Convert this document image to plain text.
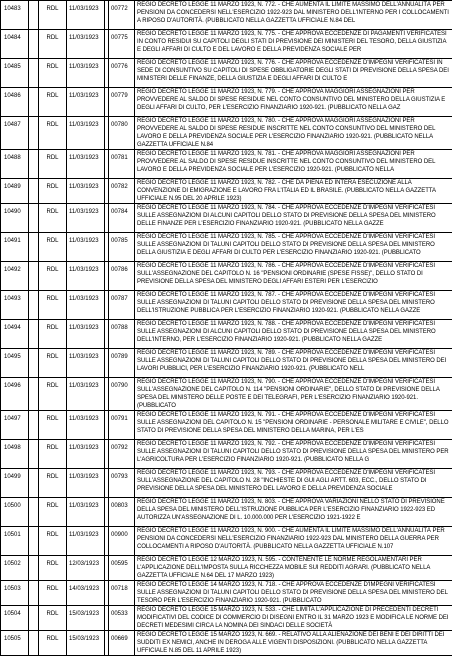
10483		RDL	11/03/1923		00772	REGIO DECRETO LEGGE 11 MARZO 1923, N. 772. - CHE AUMENTA IL LIMITE MASSIMO DELL'ANNUALITÀ PER PENSIONI DA CONCEDERSI NELL'ESERCIZIO 1922-923 DAL MINISTERO DELL'INTERNO PER I COLLOCAMENTI A RIPOSO D'AUTORITÀ. (PUBBLICATO NELLA GAZZETTA UFFICIALE N.84 DEL
10484		RDL	11/03/1923		00775	REGIO DECRETO LEGGE 11 MARZO 1923, N. 775. - CHE APPROVA ECCEDENZE DI PAGAMENTI VERIFICATESI IN CONTO RESIDUI SU CAPITOLI DEGLI STATI DI PREVISIONE DEI MINISTERI DEL TESORO, DELLA GIUSTIZIA E DEGLI AFFARI DI CULTO E DEL LAVORO E DELLA PREVIDENZA SOCIALE PER
10485		RDL	11/03/1923		00776	REGIO DECRETO LEGGE 11 MARZO 1923, N. 776. - CHE APPROVA ECCEDENZE D'IMPEGNI VERIFICATESI IN SEDE DI CONSUNTIVO SU CAPITOLI DI SPESE OBBLIGATORIE DEGLI STATI DI PREVISIONE DELLA SPESA DEI MINISTERI DELLE FINANZE, DELLA GIUSTIZIA E DEGLI AFFARI DI CULTO E
10486		RDL	11/03/1923		00779	REGIO DECRETO LEGGE 11 MARZO 1923, N. 779. - CHE APPROVA MAGGIORI ASSEGNAZIONI PER PROVVEDERE AL SALDO DI SPESE RESIDUE NEL CONTO CONSUNTIVO DEL MINISTERO DELLA GIUSTIZIA E DEGLI AFFARI DI CULTO, PER L'ESERCIZIO FINANZIARIO 1920-921. (PUBBLICATO NELLA GAZ
10487		RDL	11/03/1923		00780	REGIO DECRETO LEGGE 11 MARZO 1923, N. 780. - CHE APPROVA MAGGIORI ASSEGNAZIONI PER PROVVEDERE AL SALDO DI SPESE RESIDUE INSCRITTE NEL CONTO CONSUNTIVO DEL MINISTERO DEL LAVORO E DELLA PREVIDENZA SOCIALE PER L'ESERCIZIO FINANZIARIO 1920-921. (PUBBLICATO NELLA GAZZETTA UFFICIALE N.84
10488		RDL	11/03/1923		00781	REGIO DECRETO LEGGE 11 MARZO 1923, N. 781. - CHE APPROVA MAGGIORI ASSEGNAZIONI PER PROVVEDERE AL SALDO DI SPESE RESIDUE INSCRITTE NEL CONTO CONSUNTIVO DEL MINISTERO DEL LAVORO E DELLA PREVIDENZA SOCIALE PER L'ESERCIZIO 1920-921. (PUBBLICATO NELLA
10489		RDL	11/03/1923		00782	REGIO DECRETO LEGGE 11 MARZO 1923, N. 782. - CHE DÀ PIENA ED INTERA ESECUZIONE ALLA CONVENZIONE DI EMIGRAZIONE E LAVORO FRA L'ITALIA ED IL BRASILE. (PUBBLICATO NELLA GAZZETTA UFFICIALE N.95 DEL 20 APRILE 1923)
10490		RDL	11/03/1923		00784	REGIO DECRETO LEGGE 11 MARZO 1923, N. 784. - CHE APPROVA ECCEDENZE D'IMPEGNI VERIFICATESI SULLE ASSEGNAZIONI DI ALCUNI CAPITOLI DELLO STATO DI PREVISIONE DELLA SPESA DEL MINISTERO DELLE FINANZE PER L'ESERCIZIO FINANZIARIO 1920-921. (PUBBLICATO NELLA GAZZE
10491		RDL	11/03/1923		00785	REGIO DECRETO LEGGE 11 MARZO 1923, N. 785. - CHE APPROVA ECCEDENZE D'IMPEGNI VERIFICATESI SULLE ASSEGNAZIONI DI TALUNI CAPITOLI DELLO STATO DI PREVISIONE DELLA SPESA DEL MINISTERO DELLA GIUSTIZIA E DEGLI AFFARI DI CULTO PER L'ESERCIZIO FINANZIARIO 1920-921. (PUBBLICATO
10492		RDL	11/03/1923		00786	REGIO DECRETO LEGGE 11 MARZO 1923, N. 786. - CHE APPROVA ECCEDENZE D'IMPEGNI VERIFICATESI SULL'ASSEGNAZIONE DEL CAPITOLO N. 16 "PENSIONI ORDINARIE (SPESE FISSE)", DELLO STATO DI PREVISIONE DELLA SPESA DEL MINISTERO DEGLI AFFARI ESTERI PER L'ESERCIZIO
10493		RDL	11/03/1923		00787	REGIO DECRETO LEGGE 11 MARZO 1923, N. 787. - CHE APPROVA ECCEDENZE D'IMPEGNI VERIFICATESI SULLE ASSEGNAZIONI DI TALUNI CAPITOLI DELLO STATO DI PREVISIONE DELLA SPESA DEL MINISTERO DELL'ISTRUZIONE PUBBLICA PER L'ESERCIZIO FINANZIARIO 1920-921. (PUBBLICATO NELLA GAZZE
10494		RDL	11/03/1923		00788	REGIO DECRETO LEGGE 11 MARZO 1923, N. 788. - CHE APPROVA ECCEDENZE D'IMPEGNI VERIFICATESI SULLE ASSEGNAZIONI DI ALCUNI CAPITOLI DELLO STATO DI PREVISIONE DELLA SPESA DEL MINISTERO DELL'INTERNO, PER L'ESERCIZIO FINANZIARIO 1920-921. (PUBBLICATO NELLA GAZZE
10495		RDL	11/03/1923		00789	REGIO DECRETO LEGGE 11 MARZO 1923, N. 789. - CHE APPROVA ECCEDENZE D'IMPEGNI VERIFICATESI SULLE ASSEGNAZIONI DI TALUNI CAPITOLI DELLO STATO DI PREVISIONE DELLA SPESA DEL MINISTERO DEI LAVORI PUBBLICI, PER L'ESERCIZIO FINANZIARIO 1920-921. (PUBBLICATO NELL
10496		RDL	11/03/1923		00790	REGIO DECRETO LEGGE 11 MARZO 1923, N. 790. - CHE APPROVA ECCEDENZE D'IMPEGNI VERIFICATESI SULL'ASSEGNAZIONE DEL CAPITOLO N. 114 "PENSIONI ORDINARIE", DELLO STATO DI PREVISIONE DELLA SPESA DEL MINISTERO DELLE POSTE E DEI TELEGRAFI, PER L'ESERCIZIO FINANZIARIO 1920-921. (PUBBLICATO
10497		RDL	11/03/1923		00791	REGIO DECRETO LEGGE 11 MARZO 1923, N. 791. - CHE APPROVA ECCEDENZE D'IMPEGNI VERIFICATESI SULLE ASSEGNAZIONI DEL CAPITOLO N. 15 "PENSIONI ORDINARIE - PERSONALE MILITARE E CIVILE", DELLO STATO DI PREVISIONE DELLA SPESA DEL MINISTERO DELLA MARINA, PER L'ES
10498		RDL	11/03/1923		00792	REGIO DECRETO LEGGE 11 MARZO 1923, N. 792. - CHE APPROVA ECCEDENZE D'IMPEGNI VERIFICATESI SULLE ASSEGNAZIONI DI TALUNI CAPITOLI DELLO STATO DI PREVISIONE DELLA SPESA DEL MINISTERO PER L'AGRICOLTURA PER L'ESERCIZIO FINANZIARIO 1920-921. (PUBBLICATO NELLA G
10499		RDL	11/03/1923		00793	REGIO DECRETO LEGGE 11 MARZO 1923, N. 793. - CHE APPROVA ECCEDENZE D'IMPEGNI VERIFICATESI SULL'ASSEGNAZIONE DEL CAPITOLO N. 28 "INCHIESTE DI GUI AGLI ARTT. 603, ECC., DELLO STATO DI PREVISIONE DELLA SPESA DEL MINISTERO DEL LAVORO E DELLA PREVIDENZA SOCIALE
10500		RDL	11/03/1923		00803	REGIO DECRETO LEGGE 11 MARZO 1923, N. 803. - CHE APPROVA VARIAZIONI NELLO STATO DI PREVISIONE DELLA SPESA DEL MINISTERO DELL'ISTRUZIONE PUBBLICA PER L'ESERCIZIO FINANZIARIO 1922-923 ED AUTORIZZA UN'ASSEGNAZIONE DI L. 10.000.000 PER L'ESERCIZIO 1921-1922 E
10501		RDL	11/03/1923		00900	REGIO DECRETO LEGGE 11 MARZO 1923, N. 900. - CHE AUMENTA IL LIMITE MASSIMO DELL'ANNUALITÀ PER PENSIONI DA CONCEDERSI NELL'ESERCIZIO FINANZIARIO 1922-923 DAL MINISTERO DELLA GUERRA PER COLLOCAMENTI A RIPOSO D'AUTORITÀ. (PUBBLICATO NELLA GAZZETTA UFFICIALE N.107
10502		RDL	12/03/1923		00595	REGIO DECRETO LEGGE 12 MARZO 1923, N. 595. - CONTENENTE LE NORME REGOLAMENTARI PER L'APPLICAZIONE DELL'IMPOSTA SULLA RICCHEZZA MOBILE SUI REDDITI AGRARI. (PUBBLICATO NELLA GAZZETTA UFFICIALE N.64 DEL 17 MARZO 1923)
10503		RDL	14/03/1923		00718	REGIO DECRETO LEGGE 14 MARZO 1923, N. 718. - CHE APPROVA ECCEDENZE D'IMPEGNI VERIFICATESI SULLE ASSEGNAZIONI DI TALUNI CAPITOLI DELLO STATO DI PREVISIONE DELLA SPESA DEL MINISTERO DEL TESORO PER L'ESERCIZIO FINANZIARIO 1920-921. (PUBBLICATO
10504		RDL	15/03/1923		00533	REGIO DECRETO LEGGE 15 MARZO 1923, N. 533. - CHE LIMITA L'APPLICAZIONE DI PRECEDENTI DECRETI MODIFICATIVI DEL CODICE DI COMMERCIO DI DISEGNI ENTRO IL 31 MARZO 1923 E MODIFICA LE NORME DEI DECRETI MEDESIMI CIRCA LA NOMINA DEI SINDACI DELLE SOCIETÀ
10505		RDL	15/03/1923		00669	REGIO DECRETO LEGGE 15 MARZO 1923, N. 669. - RELATIVO ALLA ALIENAZIONE DEI BENI E DEI DIRITTI DEI SUDDITI EX NEMICI, ANCHE IN DEROGA ALLE VIGENTI DISPOSIZIONI. (PUBBLICATO NELLA GAZZETTA UFFICIALE N.85 DEL 11 APRILE 1923)
